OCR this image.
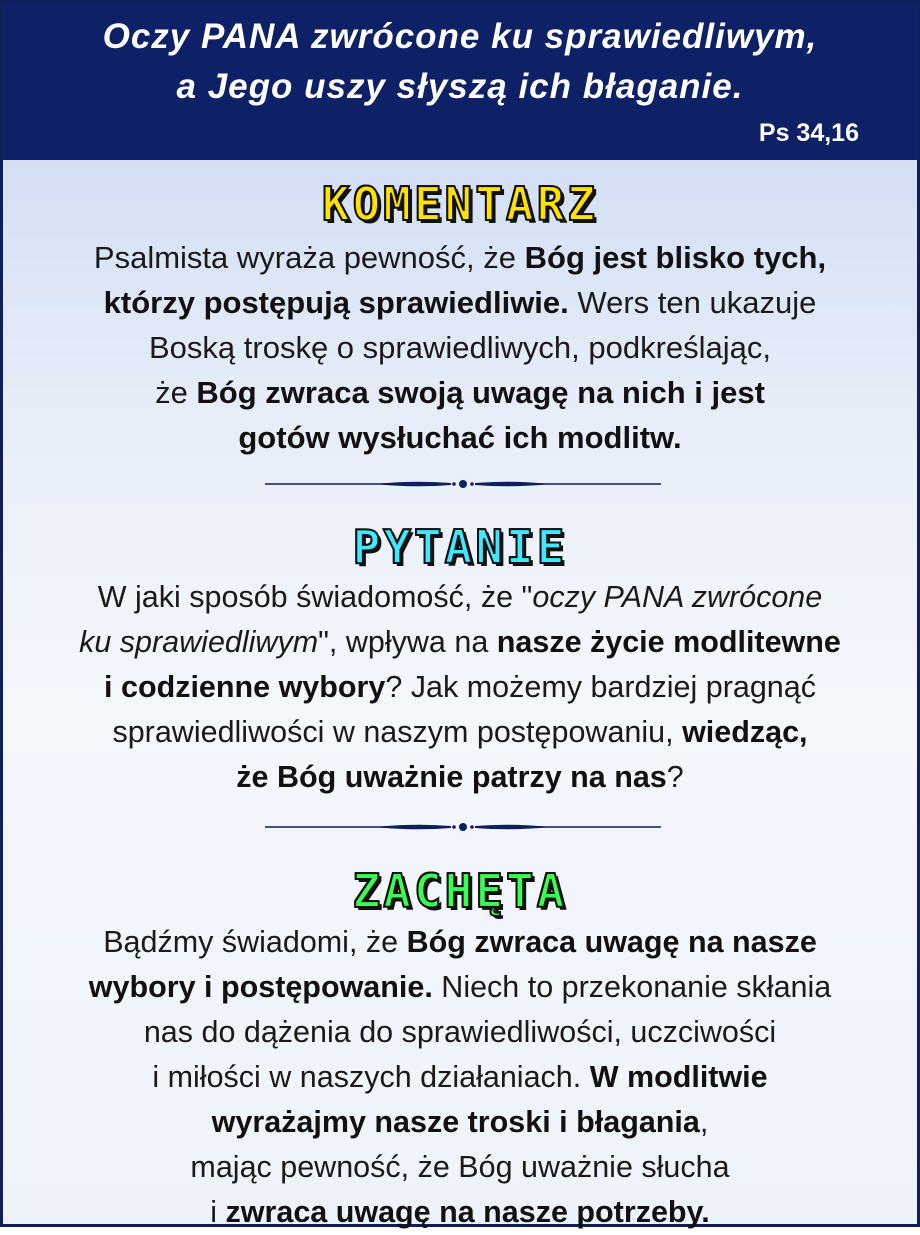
Oczy PANA zwrócone ku sprawiedliwym,
a Jego uszy słyszą ich błaganie.
Ps 34,16
KOMENTARZ
Psalmista wyraża pewność, że Bóg jest blisko tych,
którzy postępują sprawiedliwie. Wers ten ukazuje
Boską troskę o sprawiedliwych, podkreślając,
że Bóg zwraca swoją uwagę na nich i jest
gotów wysłuchać ich modlitw.
PYTANIE
W jaki sposób świadomość, że "oczy PANA zwrócone
ku sprawiedliwym", wpływa na nasze życie modlitewne
i codzienne wybory? Jak możemy bardziej pragnąć
sprawiedliwości w naszym postępowaniu, wiedząc,
że Bóg uważnie patrzy na nas?
ZACHĘTA
Bądźmy świadomi, że Bóg zwraca uwagę na nasze
wybory i postępowanie. Niech to przekonanie skłania
nas do dążenia do sprawiedliwości, uczciwości
i miłości w naszych działaniach. W modlitwie
wyrażajmy nasze troski i błagania,
mając pewność, że Bóg uważnie słucha
i zwraca uwagę na nasze potrzeby.
